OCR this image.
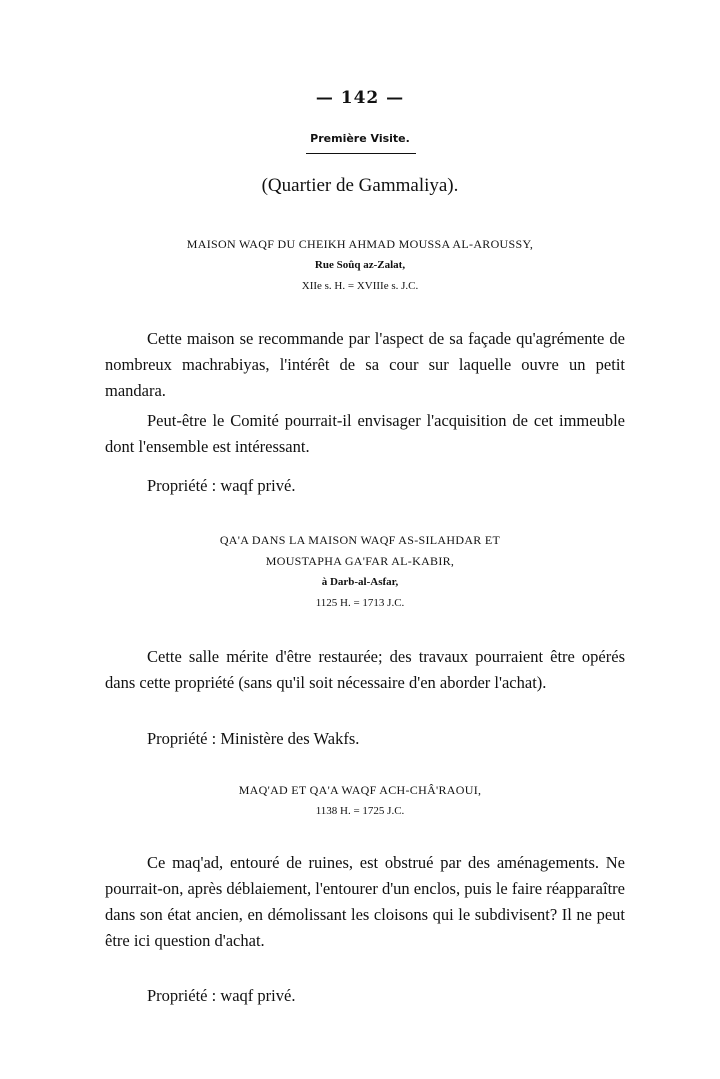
— 142 —
Première Visite.
(Quartier de Gammaliya).
MAISON WAQF DU CHEIKH AHMAD MOUSSA AL-AROUSSY,
Rue Soûq az-Zalat,
XIIe s. H. = XVIIIe s. J.C.

Cette maison se recommande par l'aspect de sa façade qu'agrémente de nombreux machrabiyas, l'intérêt de sa cour sur laquelle ouvre un petit mandara.

Peut-être le Comité pourrait-il envisager l'acquisition de cet immeuble dont l'ensemble est intéressant.

Propriété : waqf privé.
QA'A DANS LA MAISON WAQF AS-SILAHDAR ET
MOUSTAPHA GA'FAR AL-KABIR,
à Darb-al-Asfar,
1125 H. = 1713 J.C.

Cette salle mérite d'être restaurée; des travaux pourraient être opérés dans cette propriété (sans qu'il soit nécessaire d'en aborder l'achat).

Propriété : Ministère des Wakfs.
MAQ'AD ET QA'A WAQF ACH-CHÂ'RAOUI,
1138 H. = 1725 J.C.

Ce maq'ad, entouré de ruines, est obstrué par des aménagements. Ne pourrait-on, après déblaiement, l'entourer d'un enclos, puis le faire réapparaître dans son état ancien, en démolissant les cloisons qui le subdivisent? Il ne peut être ici question d'achat.

Propriété : waqf privé.
